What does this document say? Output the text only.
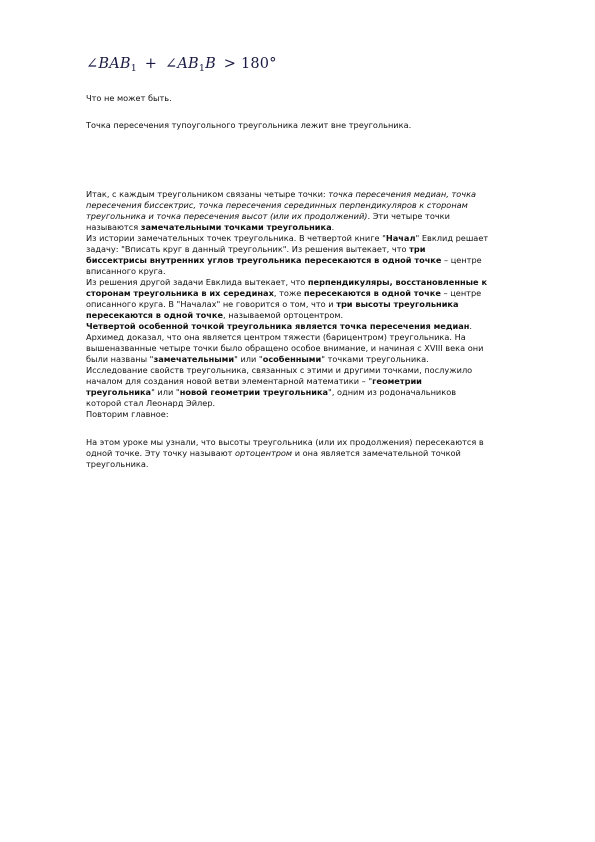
$\angle BAB_1$ + $\angle AB_1B > 180^\circ$

Что не может быть.

Точка пересечения тупоугольного треугольника лежит вне треугольника.

Итак, с каждым треугольником связаны четыре точки: точка пересечения медиан, точка
пересечения биссектрис, точка пересечения серединных перпендикуляров к сторонам
треугольника и точка пересечения высот (или их продолжений). Эти четыре точки
называются замечательными точками треугольника.
Из истории замечательных точек треугольника. В четвертой книге "Начал" Евклид решает
задачу: "Вписать круг в данный треугольник". Из решения вытекает, что три
биссектрисы внутренних углов треугольника пересекаются в одной точке – центре
вписанного круга.
Из решения другой задачи Евклида вытекает, что перпендикуляры, восстановленные к
сторонам треугольника в их серединах, тоже пересекаются в одной точке – центре
описанного круга. В "Началах" не говорится о том, что и три высоты треугольника
пересекаются в одной точке, называемой ортоцентром.
Четвертой особенной точкой треугольника является точка пересечения медиан.
Архимед доказал, что она является центром тяжести (барицентром) треугольника. На
вышеназванные четыре точки было обращено особое внимание, и начиная с XVIII века они
были названы "замечательными" или "особенными" точками треугольника.
Исследование свойств треугольника, связанных с этими и другими точками, послужило
началом для создания новой ветви элементарной математики – "геометрии
треугольника" или "новой геометрии треугольника", одним из родоначальников
которой стал Леонард Эйлер.
Повторим главное:
На этом уроке мы узнали, что высоты треугольника (или их продолжения) пересекаются в
одной точке. Эту точку называют ортоцентром и она является замечательной точкой
треугольника.
